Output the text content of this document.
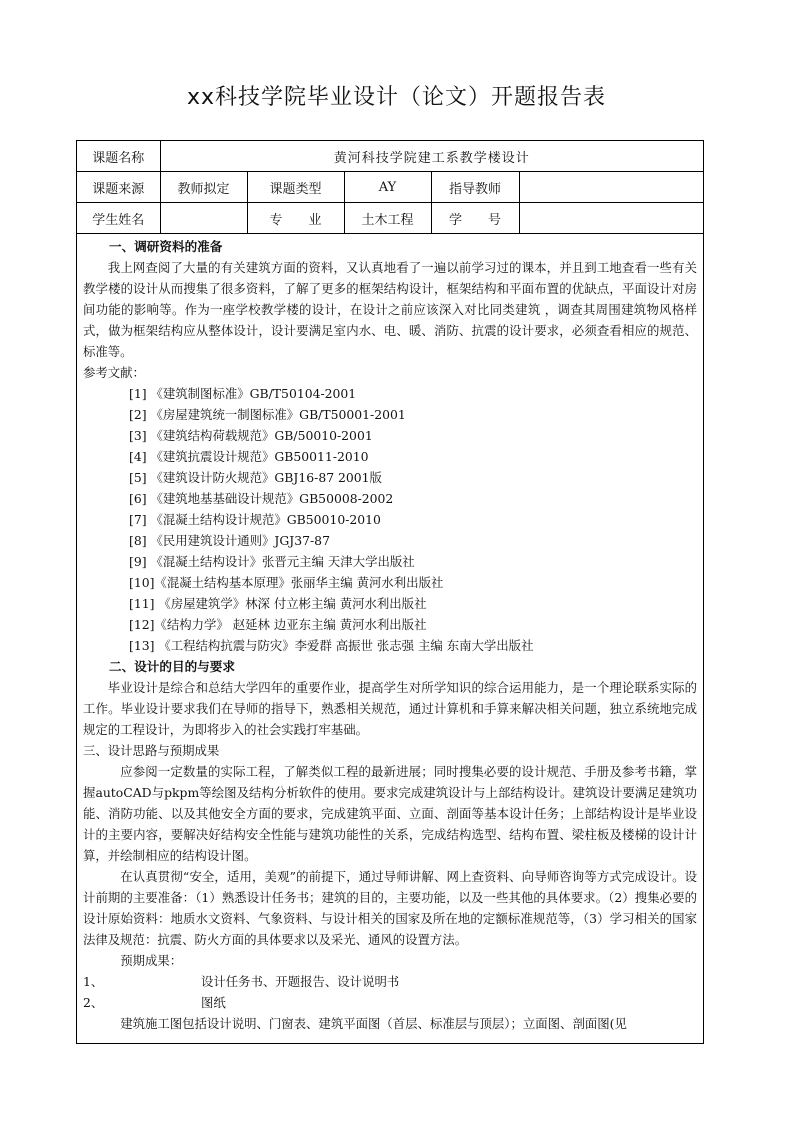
xx科技学院毕业设计（论文）开题报告表
课题名称	黄河科技学院建工系教学楼设计				
课题来源	教师拟定	课题类型	AY	指导教师	
学生姓名		专　　业	土木工程	学　　号	

一、调研资料的准备

我上网查阅了大量的有关建筑方面的资料，又认真地看了一遍以前学习过的课本，并且到工地查看一些有关教学楼的设计从而搜集了很多资料，了解了更多的框架结构设计，框架结构和平面布置的优缺点，平面设计对房间功能的影响等。作为一座学校教学楼的设计，在设计之前应该深入对比同类建筑 ，调查其周围建筑物风格样式，做为框架结构应从整体设计，设计要满足室内水、电、暖、消防、抗震的设计要求，必须查看相应的规范、标准等。

参考文献：

[1] 《建筑制图标准》GB/T50104-2001

[2] 《房屋建筑统一制图标准》GB/T50001-2001

[3] 《建筑结构荷载规范》GB/50010-2001

[4] 《建筑抗震设计规范》GB50011-2010

[5] 《建筑设计防火规范》GBJ16-87 2001版

[6] 《建筑地基基础设计规范》GB50008-2002

[7] 《混凝土结构设计规范》GB50010-2010

[8] 《民用建筑设计通则》JGJ37-87

[9] 《混凝土结构设计》张晋元主编 天津大学出版社

[10]《混凝土结构基本原理》张丽华主编 黄河水利出版社

[11] 《房屋建筑学》林深 付立彬主编 黄河水利出版社

[12]《结构力学》 赵延林 边亚东主编 黄河水利出版社

[13] 《工程结构抗震与防灾》李爱群 高振世 张志强 主编 东南大学出版社

二、设计的目的与要求

毕业设计是综合和总结大学四年的重要作业，提高学生对所学知识的综合运用能力，是一个理论联系实际的工作。毕业设计要求我们在导师的指导下，熟悉相关规范，通过计算机和手算来解决相关问题，独立系统地完成规定的工程设计，为即将步入的社会实践打牢基础。

三、设计思路与预期成果

应参阅一定数量的实际工程，了解类似工程的最新进展；同时搜集必要的设计规范、手册及参考书籍，掌握autoCAD与pkpm等绘图及结构分析软件的使用。要求完成建筑设计与上部结构设计。建筑设计要满足建筑功能、消防功能、以及其他安全方面的要求，完成建筑平面、立面、剖面等基本设计任务；上部结构设计是毕业设计的主要内容，要解决好结构安全性能与建筑功能性的关系，完成结构选型、结构布置、梁柱板及楼梯的设计计算，并绘制相应的结构设计图。

在认真贯彻“安全，适用，美观”的前提下，通过导师讲解、网上查资料、向导师咨询等方式完成设计。设计前期的主要准备：（1）熟悉设计任务书；建筑的目的，主要功能，以及一些其他的具体要求。（2）搜集必要的设计原始资料：地质水文资料、气象资料、与设计相关的国家及所在地的定额标准规范等，（3）学习相关的国家法律及规范：抗震、防火方面的具体要求以及采光、通风的设置方法。

预期成果：

1、	设计任务书、开题报告、设计说明书

2、	图纸

建筑施工图包括设计说明、门窗表、建筑平面图（首层、标准层与顶层）；立面图、剖面图(见
